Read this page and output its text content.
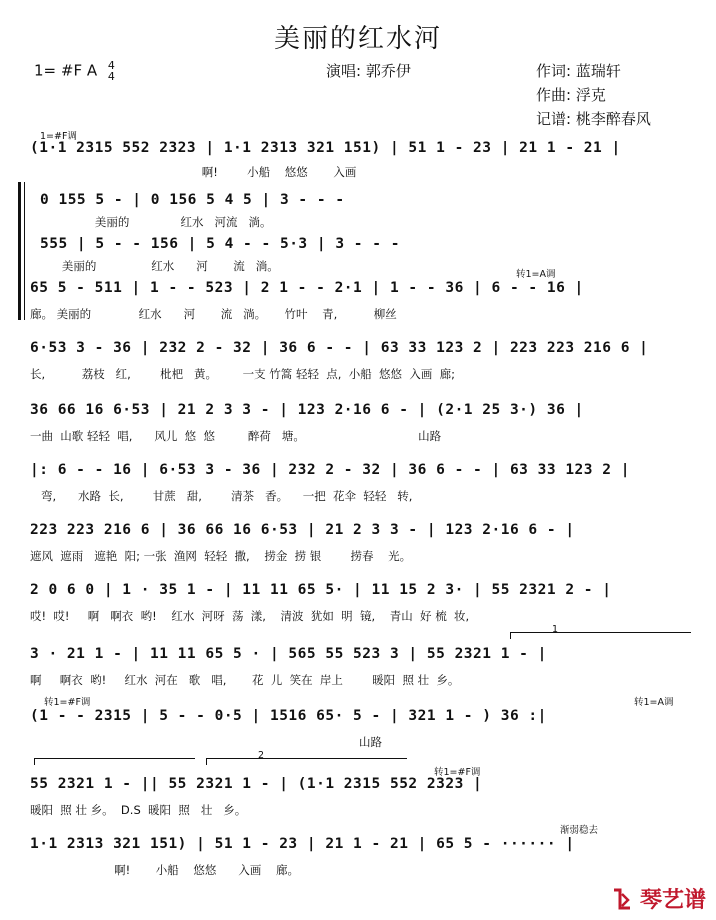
美丽的红水河
1= #F A 4
4	演唱: 郭乔伊	作词: 蓝瑞轩
作曲: 浮克
记谱: 桃李醉春风
1=#F调
(1·1 2315 552 2323 | 1·1 2313 321 151) | 51 1 - 23 | 21 1 - 21 |
啊!        小船    悠悠       入画
0 155 5 - | 0 156 5 4 5 | 3 - - -
美丽的              红水   河流   淌。
555 | 5 - - 156 | 5 4 - - 5·3 | 3 - - -
美丽的               红水      河       流   淌。
转1=A调
65 5 - 511 | 1 - - 523 | 2 1 - - 2·1 | 1 - - 36 | 6 - - 16 |
廊。 美丽的             红水      河       流   淌。     竹叶    青,          柳丝
6·53 3 - 36 | 232 2 - 32 | 36 6 - - | 63 33 123 2 | 223 223 216 6 |
长,          荔枝   红,        枇杷   黄。       一支 竹篙 轻轻  点,  小船  悠悠  入画  廊;
36 66 16 6·53 | 21 2 3 3 - | 123 2·16 6 - | (2·1 25 3·) 36 |
一曲  山歌 轻轻  唱,      风儿  悠  悠         醉荷   塘。                               山路
|: 6 - - 16 | 6·53 3 - 36 | 232 2 - 32 | 36 6 - - | 63 33 123 2 |
弯,      水路  长,        甘蔗   甜,        清茶   香。    一把  花伞  轻轻   转,
223 223 216 6 | 36 66 16 6·53 | 21 2 3 3 - | 123 2·16 6 - |
遮风  遮雨   遮艳  阳; 一张  渔网  轻轻  撒,    捞金  捞 银        捞春    光。
2 0 6 0 | 1 · 35 1 - | 11 11 65 5· | 11 15 2 3· | 55 2321 2 - |
哎!  哎!     啊   啊衣  哟!    红水  河呀  荡  漾,    清波  犹如  明  镜,    青山  好 梳  妆,
1
3 · 21 1 - | 11 11 65 5 · | 565 55 523 3 | 55 2321 1 - |
啊     啊衣  哟!     红水  河在   歌   唱,       花  儿  笑在  岸上        暖阳  照 壮  乡。
转1=#F调	转1=A调
(1 - - 2315 | 5 - - 0·5 | 1516 65· 5 - | 321 1 - ) 36 :|
山路
2
转1=#F调
55 2321 1 - || 55 2321 1 - | (1·1 2315 552 2323 |
暖阳  照 壮 乡。  D.S  暖阳  照   壮   乡。
渐弱稳去
1·1 2313 321 151) | 51 1 - 23 | 21 1 - 21 | 65 5 - ······ |
啊!       小船    悠悠      入画    廊。
琴艺谱
